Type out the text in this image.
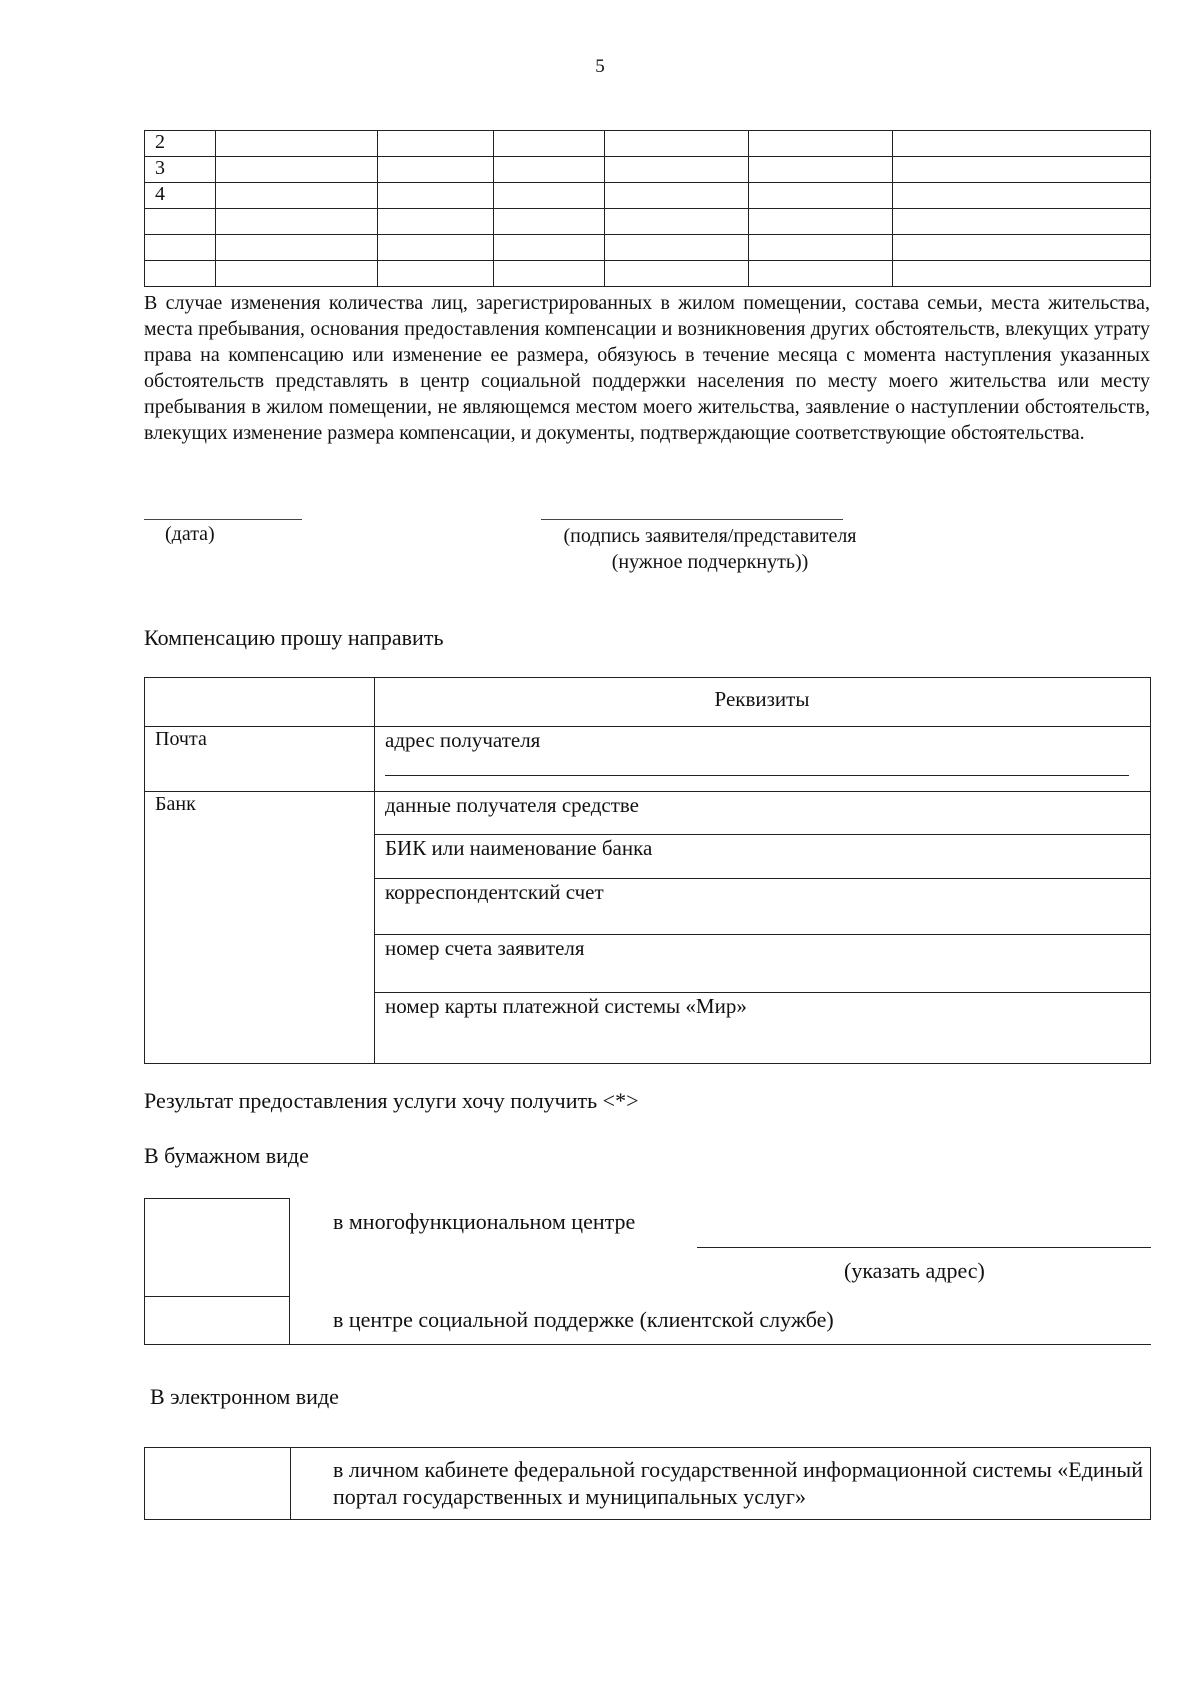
5
2						
3						
4						

В случае изменения количества лиц, зарегистрированных в жилом помещении, состава семьи, места жительства, места пребывания, основания предоставления компенсации и возникновения других обстоятельств, влекущих утрату права на компенсацию или изменение ее размера, обязуюсь в течение месяца с момента наступления указанных обстоятельств представлять в центр социальной поддержки населения по месту моего жительства или месту пребывания в жилом помещении, не являющемся местом моего жительства, заявление о наступлении обстоятельств, влекущих изменение размера компенсации, и документы, подтверждающие соответствующие обстоятельства.
(дата)	(подпись заявителя/представителя
(нужное подчеркнуть))
Компенсацию прошу направить
Реквизиты
Почта	адрес получателя
Банк	данные получателя средстве
БИК или наименование банка
корреспондентский счет
номер счета заявителя
номер карты платежной системы «Мир»
Результат предоставления услуги хочу получить <*>
В бумажном виде
в многофункциональном центре
(указать адрес)
в центре социальной поддержке (клиентской службе)
В электронном виде
в личном кабинете федеральной государственной информационной системы «Единый портал государственных и муниципальных услуг»
